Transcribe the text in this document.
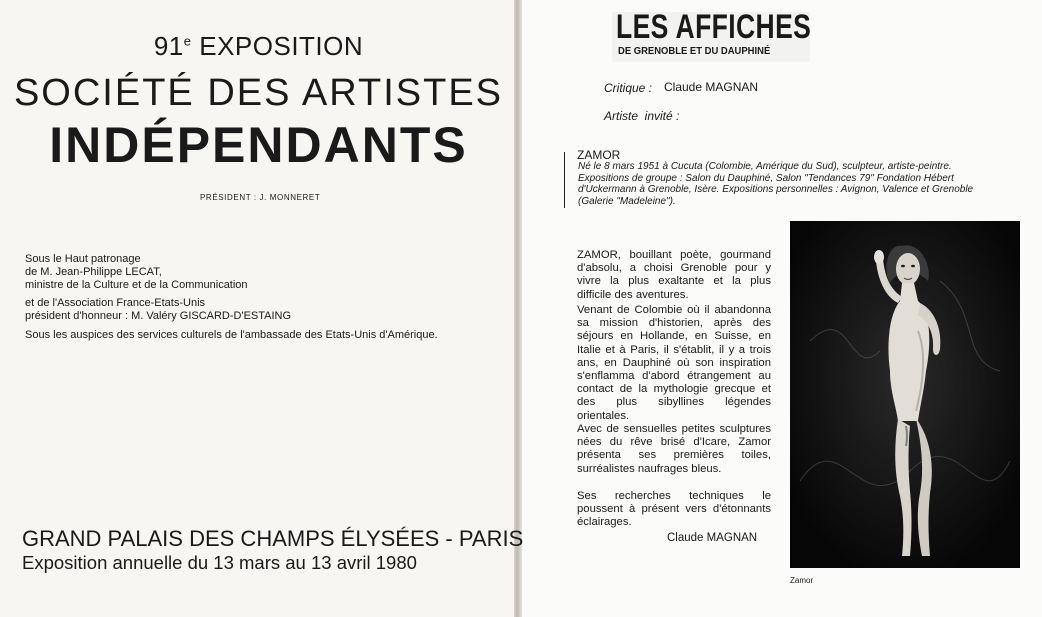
91e EXPOSITION
SOCIÉTÉ DES ARTISTES
INDÉPENDANTS
PRÉSIDENT : J. MONNERET
Sous le Haut patronage
de M. Jean-Philippe LECAT,
ministre de la Culture et de la Communication
et de l'Association France-Etats-Unis
président d'honneur : M. Valéry GISCARD-D'ESTAING
Sous les auspices des services culturels de l'ambassade des Etats-Unis d'Amérique.
GRAND PALAIS DES CHAMPS ÉLYSÉES - PARIS
Exposition annuelle du 13 mars au 13 avril 1980
LES AFFICHES
DE GRENOBLE ET DU DAUPHINÉ
Critique : Claude MAGNAN
Artiste  invité :
ZAMOR
Né le 8 mars 1951 à Cucuta (Colombie, Amérique du Sud), sculpteur, artiste-peintre. Expositions de groupe : Salon du Dauphiné, Salon "Tendances 79" Fondation Hébert d'Uckermann à Grenoble, Isère. Expositions personnelles : Avignon, Valence et Grenoble (Galerie "Madeleine").
ZAMOR, bouillant poète, gourmand d'absolu, a choisi Grenoble pour y vivre la plus exaltante et la plus difficile des aventures.
Venant de Colombie où il abandonna sa mission d'historien, après des séjours en Hollande, en Suisse, en Italie et à Paris, il s'établit, il y a trois ans, en Dauphiné où son inspiration s'enflamma d'abord étrangement au contact de la mythologie grecque et des plus sibyllines légendes orientales.
Avec de sensuelles petites sculptures nées du rêve brisé d'Icare, Zamor présenta ses premières toiles, surréalistes naufrages bleus.
Ses recherches techniques le poussent à présent vers d'étonnants éclairages.
Claude MAGNAN
Zamor
